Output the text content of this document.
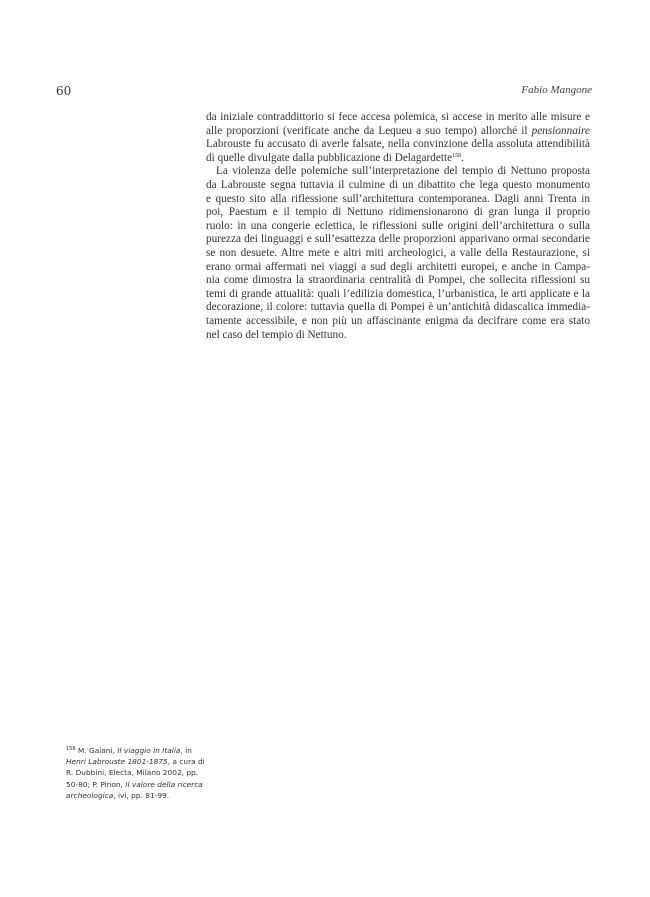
60	Fabio Mangone
da iniziale contraddittorio si fece accesa polemica, si accese in merito alle misure e
alle proporzioni (verificate anche da Lequeu a suo tempo) allorché il pensionnaire
Labrouste fu accusato di averle falsate, nella convinzione della assoluta attendibilità
di quelle divulgate dalla pubblicazione di Delagardette$^{158}$.
La violenza delle polemiche sull’interpretazione del tempio di Nettuno proposta
da Labrouste segna tuttavia il culmine di un dibattito che lega questo monumento
e questo sito alla riflessione sull’architettura contemporanea. Dagli anni Trenta in
poi, Paestum e il tempio di Nettuno ridimensionarono di gran lunga il proprio
ruolo: in una congerie eclettica, le riflessioni sulle origini dell’architettura o sulla
purezza dei linguaggi e sull’esattezza delle proporzioni apparivano ormai secondarie
se non desuete. Altre mete e altri miti archeologici, a valle della Restaurazione, si
erano ormai affermati nei viaggi a sud degli architetti europei, e anche in Campa-
nia come dimostra la straordinaria centralità di Pompei, che sollecita riflessioni su
temi di grande attualità: quali l’edilizia domestica, l’urbanistica, le arti applicate e la
decorazione, il colore: tuttavia quella di Pompei è un’antichità didascalica immedia-
tamente accessibile, e non più un affascinante enigma da decifrare come era stato
nel caso del tempio di Nettuno.
$^{158}$ M. Gaiani, Il viaggio in Italia, in
Henri Labrouste 1801-1875, a cura di
R. Dubbini, Electa, Milano 2002, pp.
50-80; P. Pinon, Il valore della ricerca
archeologica, ivi, pp. 81-99.
